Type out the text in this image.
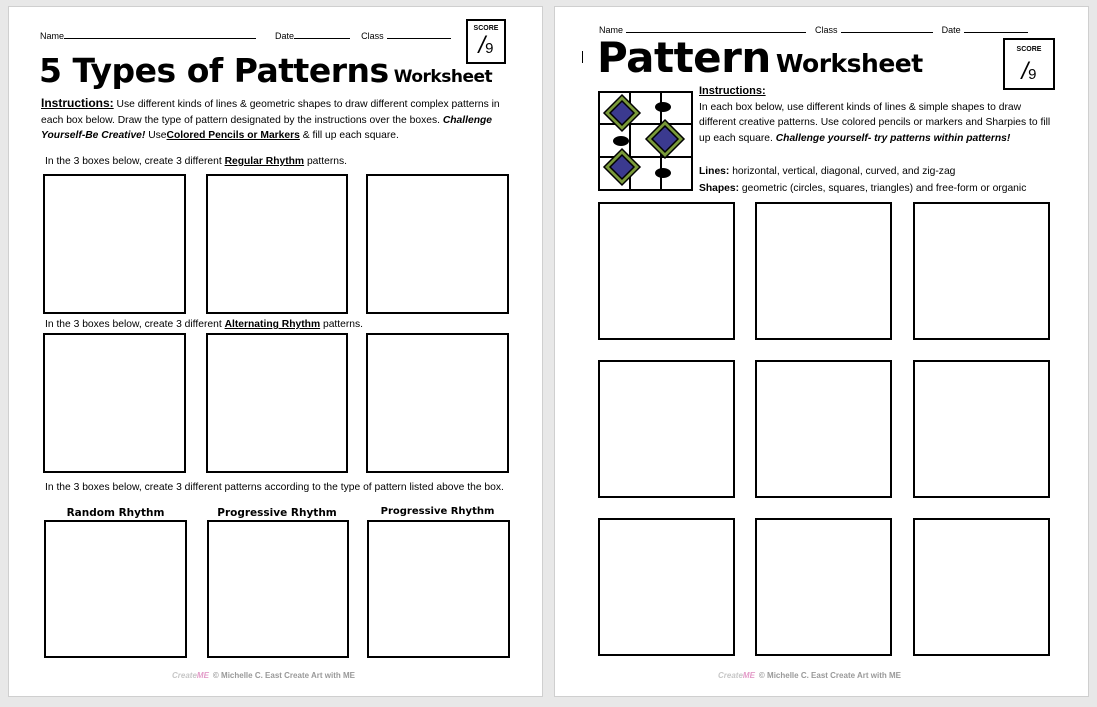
Name	Date	Class
SCORE
/9
5 Types of Patterns Worksheet
Instructions: Use different kinds of lines & geometric shapes to draw different complex patterns in each box below. Draw the type of pattern designated by the instructions over the boxes. Challenge Yourself-Be Creative! UseColored Pencils or Markers & fill up each square.
In the 3 boxes below, create 3 different Regular Rhythm patterns.
In the 3 boxes below, create 3 different Alternating Rhythm patterns.
In the 3 boxes below, create 3 different patterns according to the type of pattern listed above the box.
Random Rhythm	Progressive Rhythm	Progressive Rhythm
CreateME © Michelle C. East Create Art with ME
Name	Class	Date
SCORE
/9
Pattern Worksheet
Instructions:
In each box below, use different kinds of lines & simple shapes to draw different creative patterns. Use colored pencils or markers and Sharpies to fill up each square. Challenge yourself- try patterns within patterns!
Lines: horizontal, vertical, diagonal, curved, and zig-zag
Shapes: geometric (circles, squares, triangles) and free-form or organic
CreateME © Michelle C. East Create Art with ME
